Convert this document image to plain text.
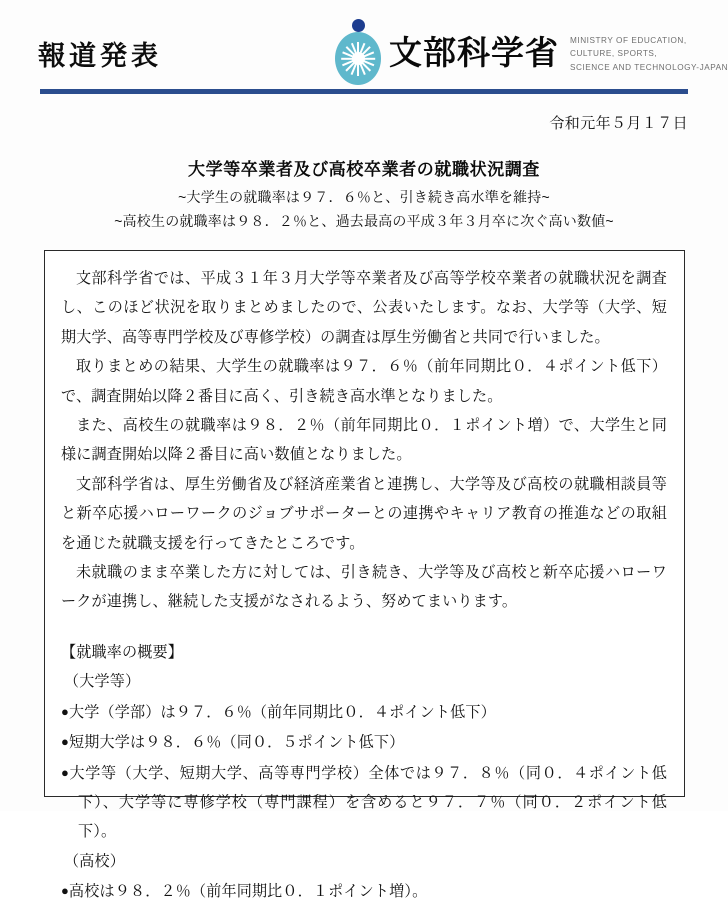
報道発表	文部科学省 MINISTRY OF EDUCATION,
CULTURE, SPORTS,
SCIENCE AND TECHNOLOGY-JAPAN
令和元年５月１７日
大学等卒業者及び高校卒業者の就職状況調査
~大学生の就職率は９７．６％と、引き続き高水準を維持~
~高校生の就職率は９８．２％と、過去最高の平成３年３月卒に次ぐ高い数値~

文部科学省では、平成３１年３月大学等卒業者及び高等学校卒業者の就職状況を調査し、このほど状況を取りまとめましたので、公表いたします。なお、大学等（大学、短期大学、高等専門学校及び専修学校）の調査は厚生労働省と共同で行いました。

取りまとめの結果、大学生の就職率は９７．６％（前年同期比０．４ポイント低下）で、調査開始以降２番目に高く、引き続き高水準となりました。

また、高校生の就職率は９８．２％（前年同期比０．１ポイント増）で、大学生と同様に調査開始以降２番目に高い数値となりました。

文部科学省は、厚生労働省及び経済産業省と連携し、大学等及び高校の就職相談員等と新卒応援ハローワークのジョブサポーターとの連携やキャリア教育の推進などの取組を通じた就職支援を行ってきたところです。

未就職のまま卒業した方に対しては、引き続き、大学等及び高校と新卒応援ハローワークが連携し、継続した支援がなされるよう、努めてまいります。

【就職率の概要】

（大学等）

●大学（学部）は９７．６％（前年同期比０．４ポイント低下）

●短期大学は９８．６％（同０．５ポイント低下）

●大学等（大学、短期大学、高等専門学校）全体では９７．８％（同０．４ポイント低下）、大学等に専修学校（専門課程）を含めると９７．７％（同０．２ポイント低下）。

（高校）

●高校は９８．２％（前年同期比０．１ポイント増）。
